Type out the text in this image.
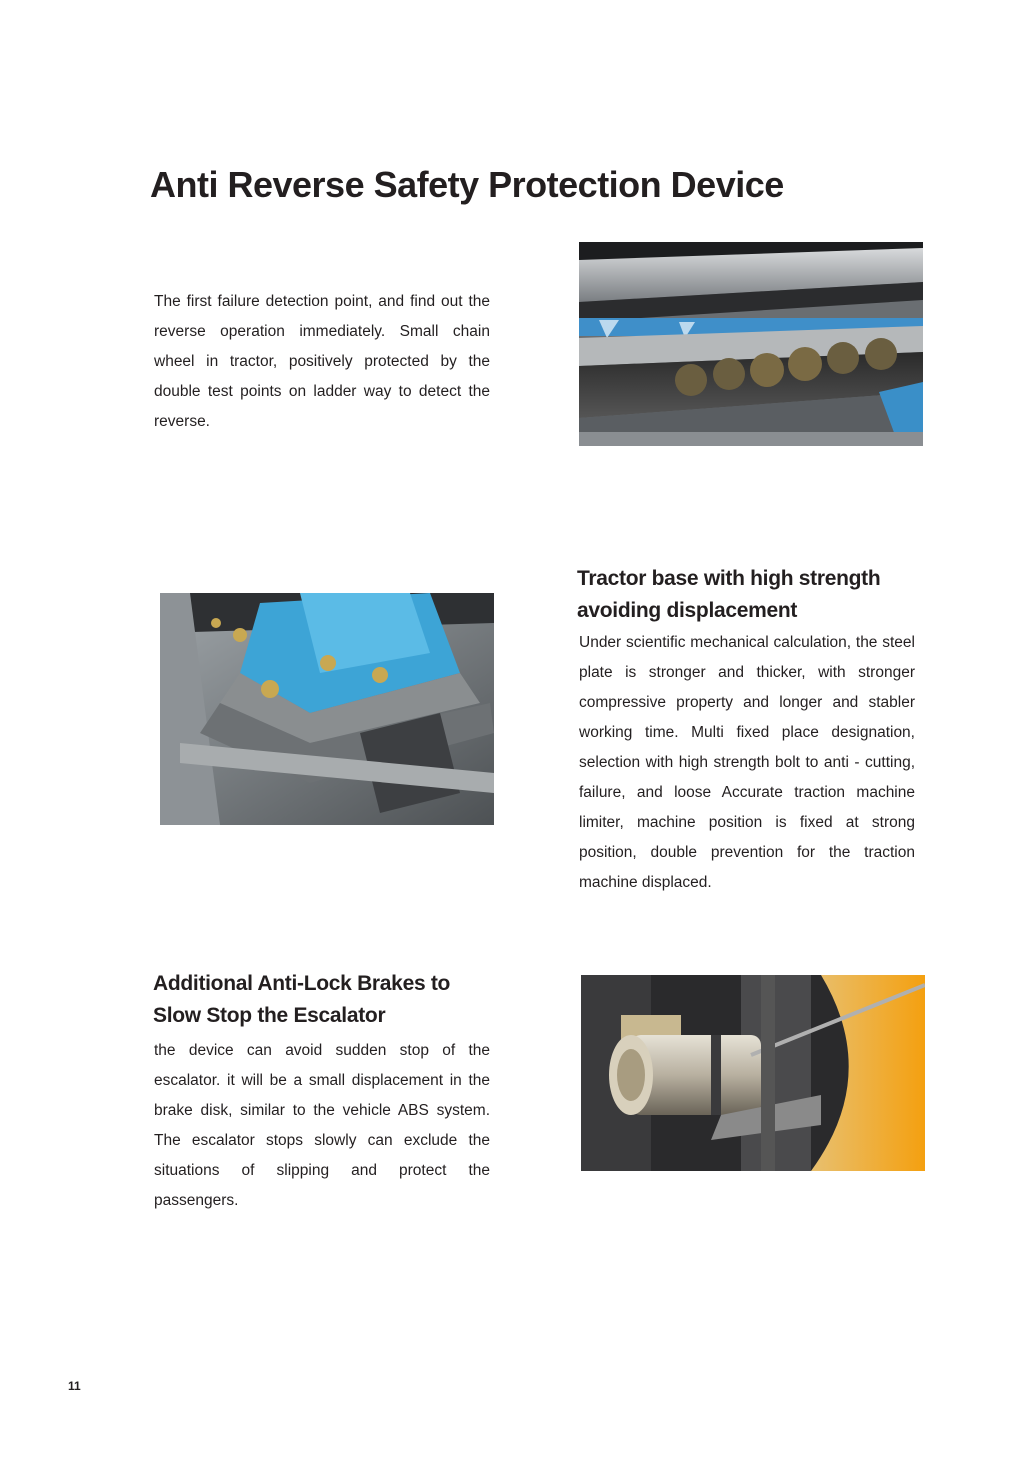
Anti Reverse Safety Protection Device

The first failure detection point, and find out the reverse operation immediately. Small chain wheel in tractor, positively protected by the double test points on ladder way to detect the reverse.

Tractor base with high strength
avoiding displacement

Under scientific mechanical calculation, the steel plate is stronger and thicker, with stronger compressive property and longer and stabler working time. Multi fixed place designation, selection with high strength bolt to anti - cutting, failure, and loose Accurate traction machine limiter, machine position is fixed at strong position, double prevention for the traction machine displaced.

Additional Anti-Lock Brakes to
Slow Stop the Escalator

the device can avoid sudden stop of the escalator. it will be a small displacement in the brake disk, similar to the vehicle ABS system. The escalator stops slowly can exclude the situations of slipping and protect the passengers.

11
